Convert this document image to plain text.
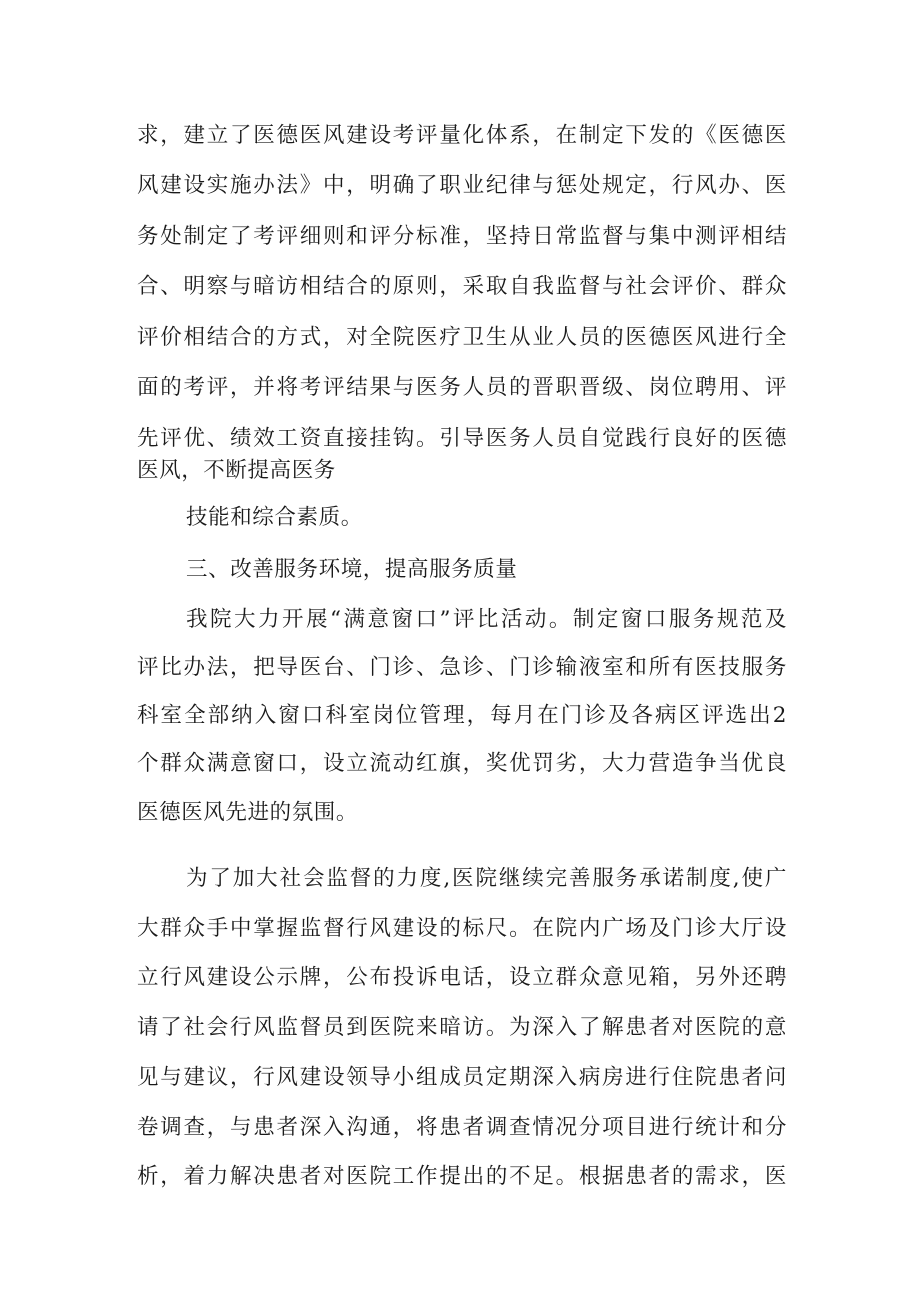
求，建立了医德医风建设考评量化体系，在制定下发的《医德医
风建设实施办法》中，明确了职业纪律与惩处规定，行风办、医
务处制定了考评细则和评分标准，坚持日常监督与集中测评相结
合、明察与暗访相结合的原则，采取自我监督与社会评价、群众
评价相结合的方式，对全院医疗卫生从业人员的医德医风进行全
面的考评，并将考评结果与医务人员的晋职晋级、岗位聘用、评
先评优、绩效工资直接挂钩。引导医务人员自觉践行良好的医德
医风，不断提高医务
技能和综合素质。
三、改善服务环境，提高服务质量
我院大力开展“满意窗口”评比活动。制定窗口服务规范及
评比办法，把导医台、门诊、急诊、门诊输液室和所有医技服务
科室全部纳入窗口科室岗位管理，每月在门诊及各病区评选出2
个群众满意窗口，设立流动红旗，奖优罚劣，大力营造争当优良
医德医风先进的氛围。
为了加大社会监督的力度,医院继续完善服务承诺制度,使广
大群众手中掌握监督行风建设的标尺。在院内广场及门诊大厅设
立行风建设公示牌，公布投诉电话，设立群众意见箱，另外还聘
请了社会行风监督员到医院来暗访。为深入了解患者对医院的意
见与建议，行风建设领导小组成员定期深入病房进行住院患者问
卷调查，与患者深入沟通，将患者调查情况分项目进行统计和分
析，着力解决患者对医院工作提出的不足。根据患者的需求，医
